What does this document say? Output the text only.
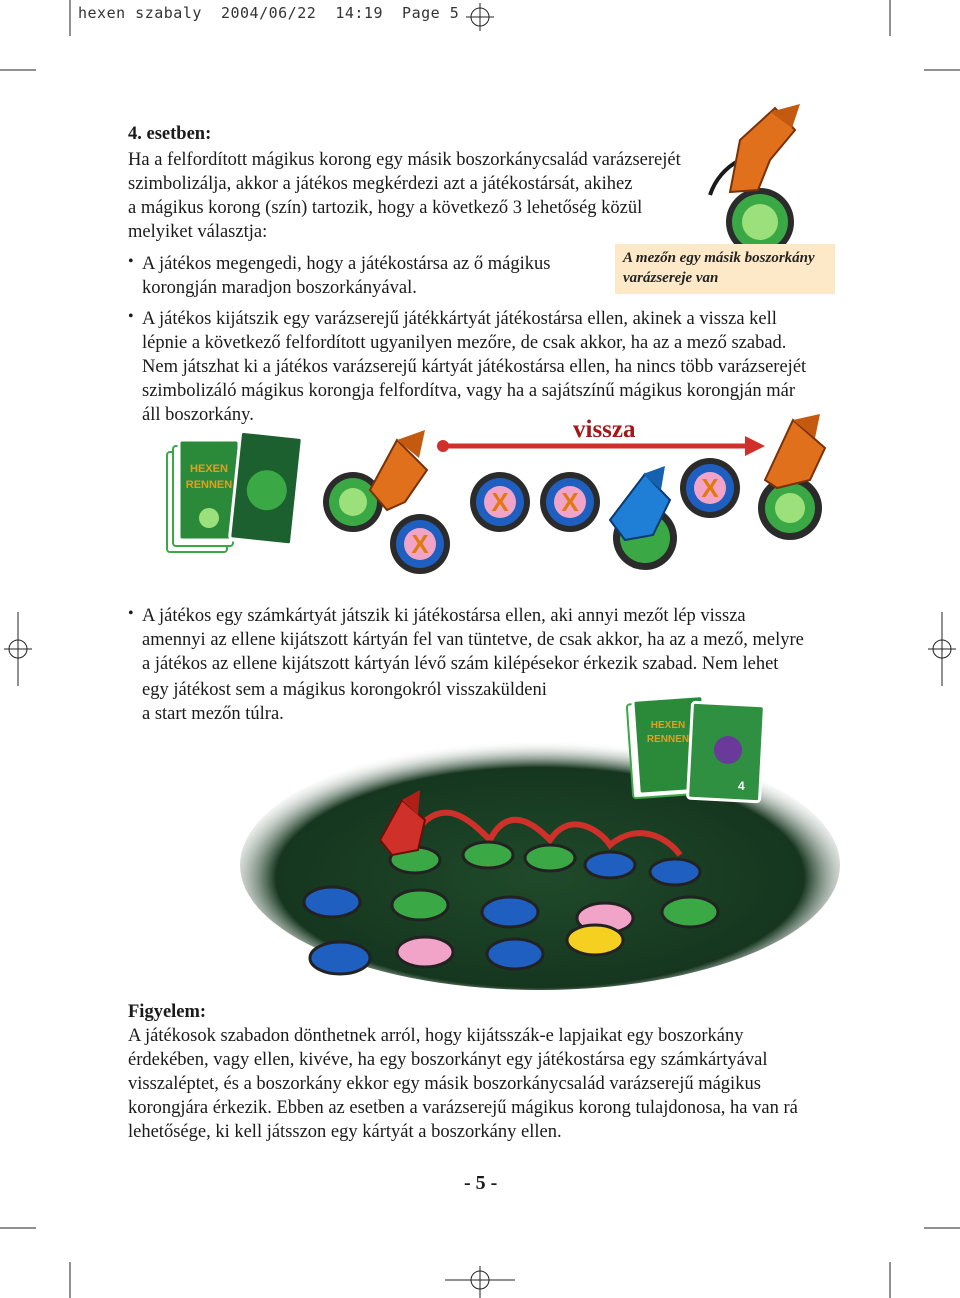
hexen szabaly  2004/06/22  14:19  Page 5
4. esetben:
Ha a felfordított mágikus korong egy másik boszorkánycsalád varázserejét
szimbolizálja, akkor a játékos megkérdezi azt a játékostársát, akihez
a mágikus korong (szín) tartozik, hogy a következő 3 lehetőség közül
melyiket választja:
• A játékos megengedi, hogy a játékostársa az ő mágikus
korongján maradjon boszorkányával.
A mezőn egy másik boszorkány
varázsereje van
• A játékos kijátszik egy varázserejű játékkártyát játékostársa ellen, akinek a vissza kell
lépnie a következő felfordított ugyanilyen mezőre, de csak akkor, ha az a mező szabad.
Nem játszhat ki a játékos varázserejű kártyát játékostársa ellen, ha nincs több varázserejét
szimbolizáló mágikus korongja felfordítva, vagy ha a sajátszínű mágikus korongján már
áll boszorkány.
HEXEN
RENNEN
X
X X	X
vissza
• A játékos egy számkártyát játszik ki játékostársa ellen, aki annyi mezőt lép vissza
amennyi az ellene kijátszott kártyán fel van tüntetve, de csak akkor, ha az a mező, melyre
a játékos az ellene kijátszott kártyán lévő szám kilépésekor érkezik szabad. Nem lehet
egy játékost sem a mágikus korongokról visszaküldeni
a start mezőn túlra.
HEXEN
RENNEN
4
Figyelem:
A játékosok szabadon dönthetnek arról, hogy kijátsszák-e lapjaikat egy boszorkány
érdekében, vagy ellen, kivéve, ha egy boszorkányt egy játékostársa egy számkártyával
visszaléptet, és a boszorkány ekkor egy másik boszorkánycsalád varázserejű mágikus
korongjára érkezik. Ebben az esetben a varázserejű mágikus korong tulajdonosa, ha van rá
lehetősége, ki kell játsszon egy kártyát a boszorkány ellen.
- 5 -
